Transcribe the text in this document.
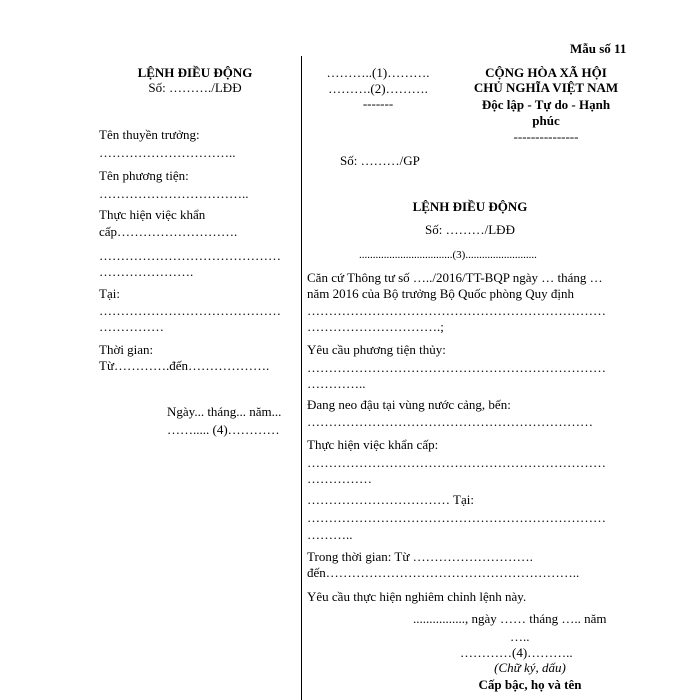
Mẫu số 11
LỆNH ĐIỀU ĐỘNG
Số: ………./LĐĐ
Tên thuyền trưởng:
…………………………..
Tên phương tiện:
……………………………..
Thực hiện việc khẩn
cấp……………………….
……………………………………
………………….
Tại:
……………………………………
……………
Thời gian:
Từ………….đến……………….
Ngày... tháng... năm...
……..... (4)…………
………..(1)……….
……….(2)……….
-------
CỘNG HÒA XÃ HỘI
CHỦ NGHĨA VIỆT NAM
Độc lập - Tự do - Hạnh
phúc
---------------
Số: ………/GP
LỆNH ĐIỀU ĐỘNG
Số: ………/LĐĐ
..................................(3)..........................
Căn cứ Thông tư số …../2016/TT-BQP ngày … tháng …
năm 2016 của Bộ trưởng Bộ Quốc phòng Quy định
……………………………………………………………
………………………….;
Yêu cầu phương tiện thủy:
……………………………………………………………
…………..
Đang neo đậu tại vùng nước cảng, bến:
…………………………………………………………
Thực hiện việc khẩn cấp:
……………………………………………………………
……………
…………………………… Tại:
……………………………………………………………
………..
Trong thời gian: Từ ……………………….
đến…………………………………………………..
Yêu cầu thực hiện nghiêm chỉnh lệnh này.
................, ngày …… tháng ….. năm
…..
…………(4)………..
(Chữ ký, dấu)
Cấp bậc, họ và tên
